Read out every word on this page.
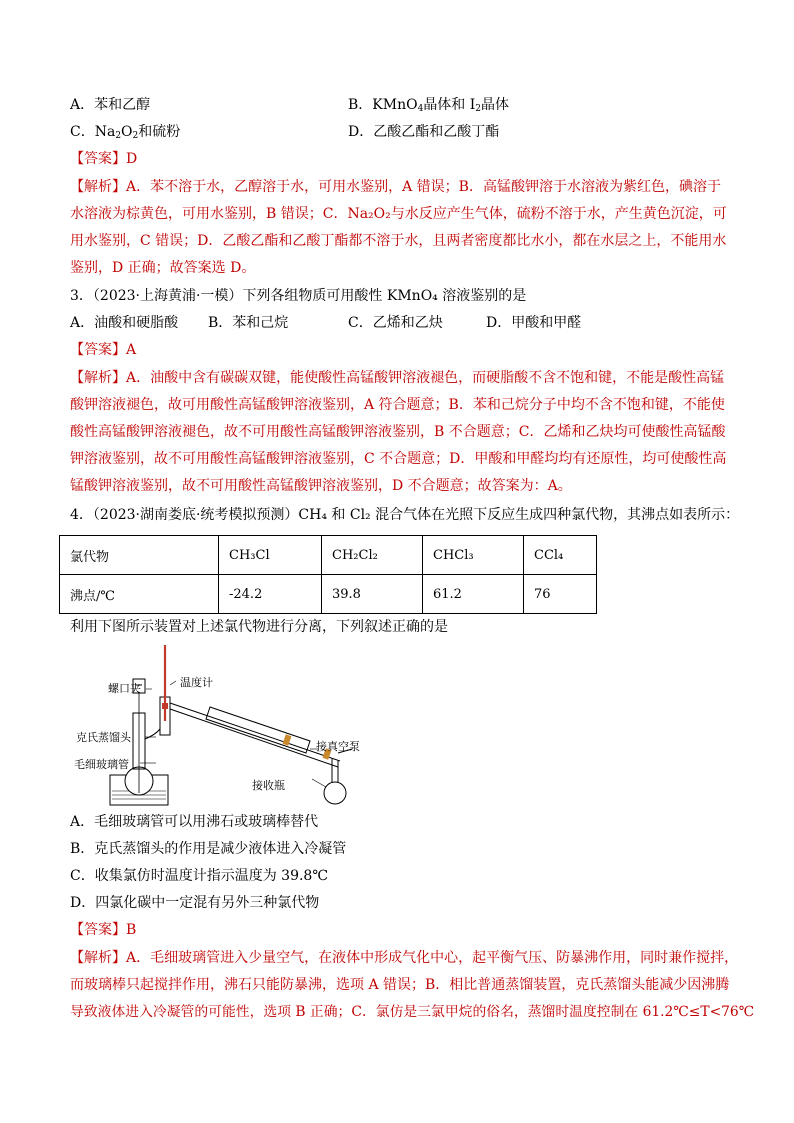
A．苯和乙醇	B．KMnO$_4$晶体和 $I_2$晶体
C．$Na_2O_2$和硫粉	D．乙酸乙酯和乙酸丁酯
【答案】D
【解析】A．苯不溶于水，乙醇溶于水，可用水鉴别，A 错误；B．高锰酸钾溶于水溶液为紫红色，碘溶于
水溶液为棕黄色，可用水鉴别，B 错误；C．Na₂O₂与水反应产生气体，硫粉不溶于水，产生黄色沉淀，可
用水鉴别，C 错误；D．乙酸乙酯和乙酸丁酯都不溶于水，且两者密度都比水小，都在水层之上，不能用水
鉴别，D 正确；故答案选 D。
3．（2023·上海黄浦·一模）下列各组物质可用酸性 KMnO₄ 溶液鉴别的是
A．油酸和硬脂酸 B．苯和己烷	C．乙烯和乙炔	D．甲酸和甲醛
【答案】A
【解析】A．油酸中含有碳碳双键，能使酸性高锰酸钾溶液褪色，而硬脂酸不含不饱和键，不能是酸性高锰
酸钾溶液褪色，故可用酸性高锰酸钾溶液鉴别，A 符合题意；B．苯和己烷分子中均不含不饱和键，不能使
酸性高锰酸钾溶液褪色，故不可用酸性高锰酸钾溶液鉴别，B 不合题意；C．乙烯和乙炔均可使酸性高锰酸
钾溶液鉴别，故不可用酸性高锰酸钾溶液鉴别，C 不合题意；D．甲酸和甲醛均均有还原性，均可使酸性高
锰酸钾溶液鉴别，故不可用酸性高锰酸钾溶液鉴别，D 不合题意；故答案为：A。
4．（2023·湖南娄底·统考模拟预测）CH₄ 和 Cl₂ 混合气体在光照下反应生成四种氯代物，其沸点如表所示：
氯代物	CH₃Cl	CH₂Cl₂	CHCl₃	CCl₄
沸点/℃	-24.2	39.8	61.2	76
利用下图所示装置对上述氯代物进行分离，下列叙述正确的是
螺口夹	温度计
克氏蒸馏头
毛细玻璃管
接真空泵
接收瓶
A．毛细玻璃管可以用沸石或玻璃棒替代
B．克氏蒸馏头的作用是减少液体进入冷凝管
C．收集氯仿时温度计指示温度为 39.8℃
D．四氯化碳中一定混有另外三种氯代物
【答案】B
【解析】A．毛细玻璃管进入少量空气，在液体中形成气化中心，起平衡气压、防暴沸作用，同时兼作搅拌，
而玻璃棒只起搅拌作用，沸石只能防暴沸，选项 A 错误；B．相比普通蒸馏装置，克氏蒸馏头能减少因沸腾
导致液体进入冷凝管的可能性，选项 B 正确；C．氯仿是三氯甲烷的俗名，蒸馏时温度控制在 61.2℃≤T<76℃
